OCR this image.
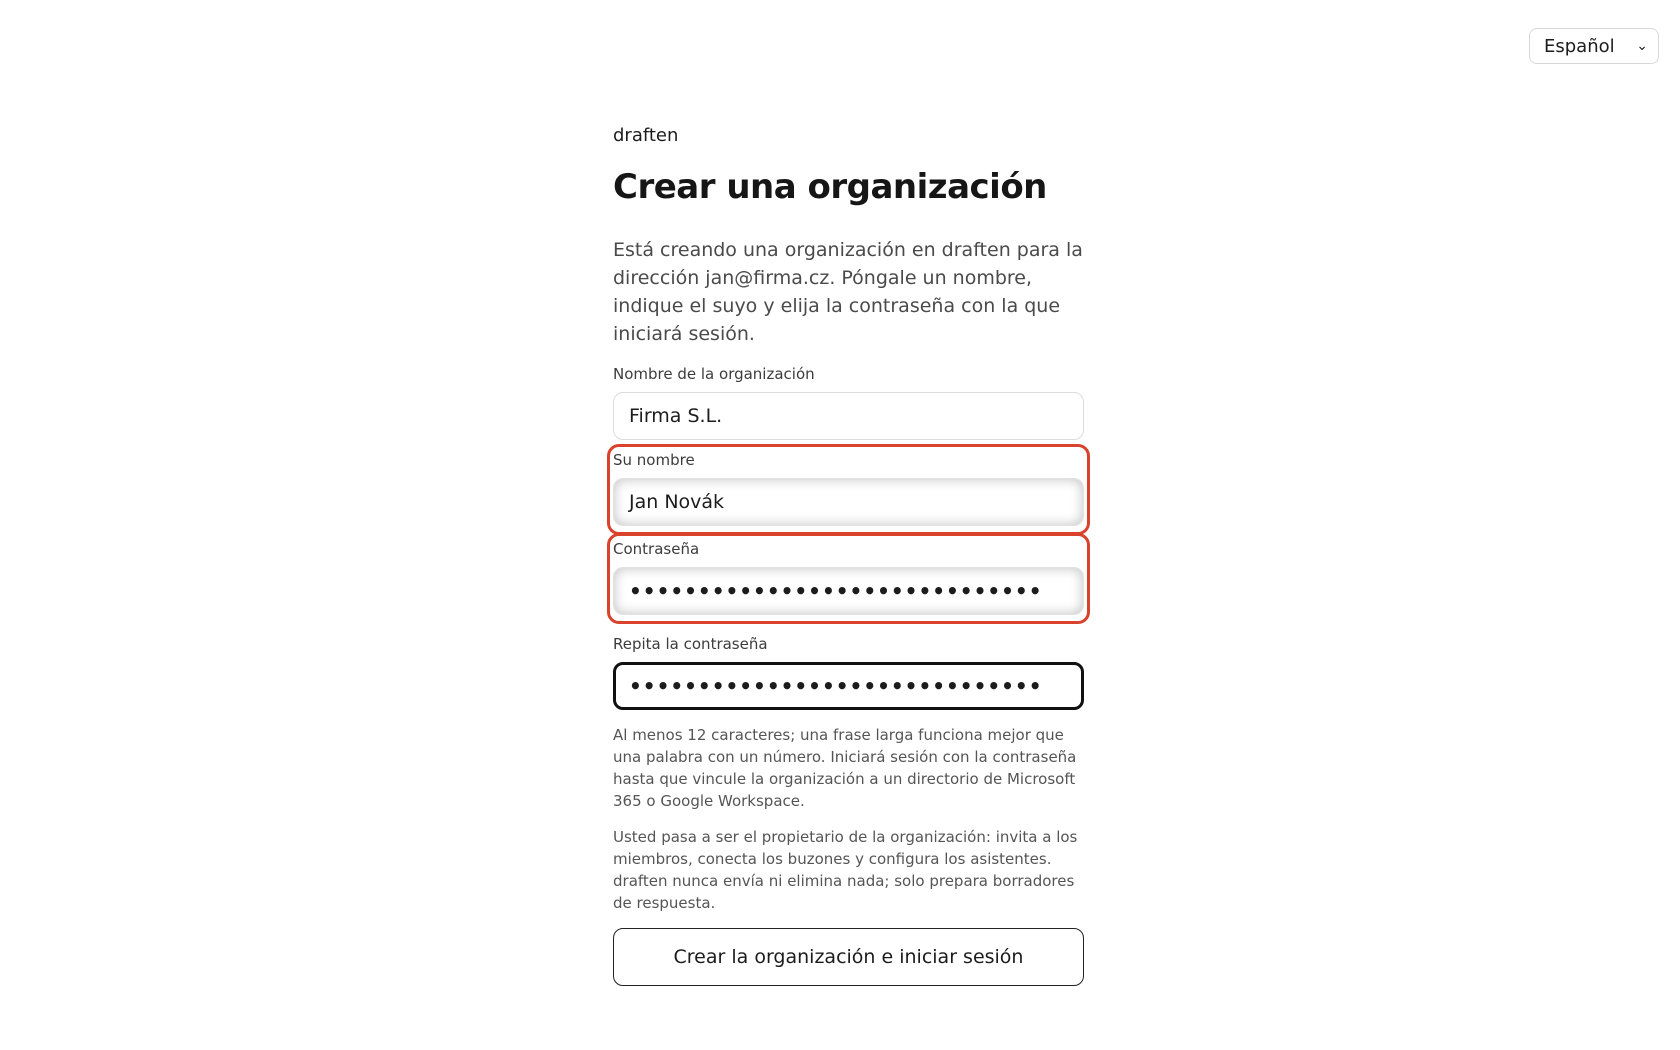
Español ⌄
draften
Crear una organización

Está creando una organización en draften para la dirección jan@firma.cz. Póngale un nombre, indique el suyo y elija la contraseña con la que iniciará sesión.

Nombre de la organización
Firma S.L.
Su nombre
Jan Novák
Contraseña
••••••••••••••••••••••••••••••
Repita la contraseña
••••••••••••••••••••••••••••••

Al menos 12 caracteres; una frase larga funciona mejor que una palabra con un número. Iniciará sesión con la contraseña hasta que vincule la organización a un directorio de Microsoft 365 o Google Workspace.

Usted pasa a ser el propietario de la organización: invita a los miembros, conecta los buzones y configura los asistentes. draften nunca envía ni elimina nada; solo prepara borradores de respuesta.

Crear la organización e iniciar sesión
